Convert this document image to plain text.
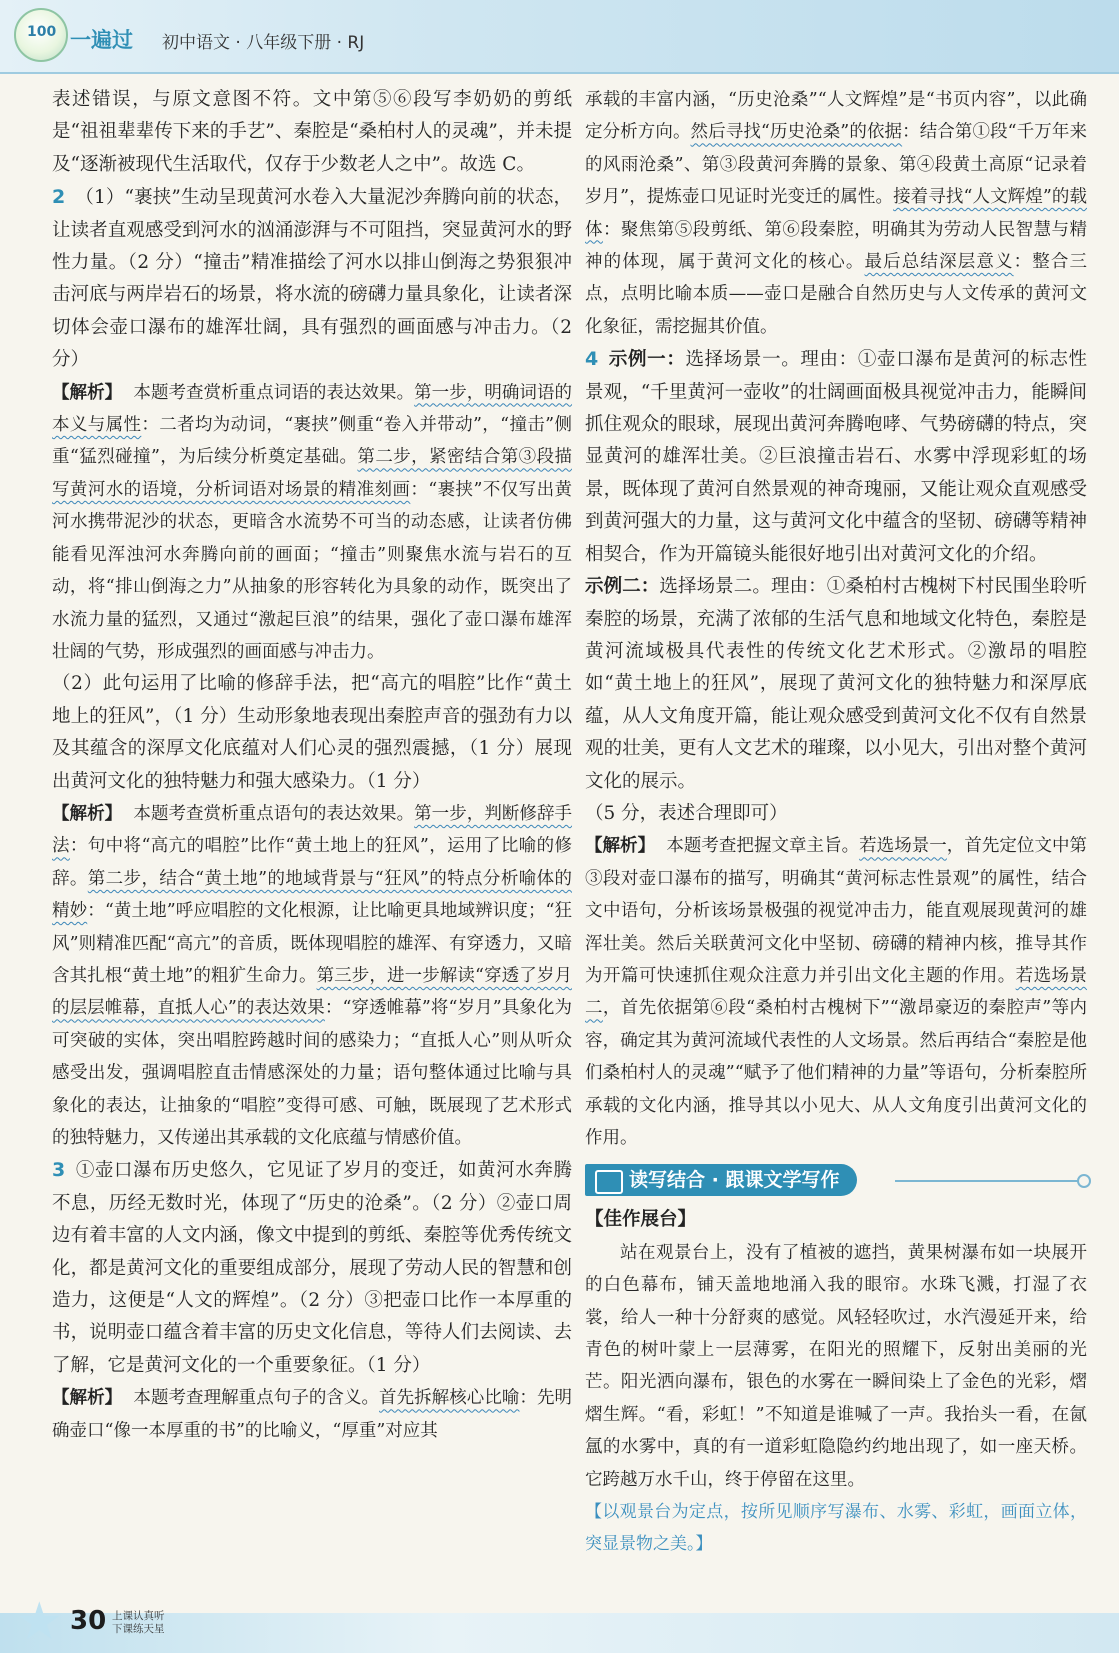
100 一遍过 初中语文 · 八年级下册 · RJ

表述错误，与原文意图不符。文中第⑤⑥段写李奶奶的剪纸是“祖祖辈辈传下来的手艺”、秦腔是“桑柏村人的灵魂”，并未提及“逐渐被现代生活取代，仅存于少数老人之中”。故选 C。

2 （1）“裹挟”生动呈现黄河水卷入大量泥沙奔腾向前的状态，让读者直观感受到河水的汹涌澎湃与不可阻挡，突显黄河水的野性力量。（2 分）“撞击”精准描绘了河水以排山倒海之势狠狠冲击河底与两岸岩石的场景，将水流的磅礴力量具象化，让读者深切体会壶口瀑布的雄浑壮阔，具有强烈的画面感与冲击力。（2 分）

【解析】 本题考查赏析重点词语的表达效果。第一步，明确词语的本义与属性：二者均为动词，“裹挟”侧重“卷入并带动”，“撞击”侧重“猛烈碰撞”，为后续分析奠定基础。第二步，紧密结合第③段描写黄河水的语境，分析词语对场景的精准刻画：“裹挟”不仅写出黄河水携带泥沙的状态，更暗含水流势不可当的动态感，让读者仿佛能看见浑浊河水奔腾向前的画面；“撞击”则聚焦水流与岩石的互动，将“排山倒海之力”从抽象的形容转化为具象的动作，既突出了水流力量的猛烈，又通过“激起巨浪”的结果，强化了壶口瀑布雄浑壮阔的气势，形成强烈的画面感与冲击力。

（2）此句运用了比喻的修辞手法，把“高亢的唱腔”比作“黄土地上的狂风”，（1 分）生动形象地表现出秦腔声音的强劲有力以及其蕴含的深厚文化底蕴对人们心灵的强烈震撼，（1 分）展现出黄河文化的独特魅力和强大感染力。（1 分）

【解析】 本题考查赏析重点语句的表达效果。第一步，判断修辞手法：句中将“高亢的唱腔”比作“黄土地上的狂风”，运用了比喻的修辞。第二步，结合“黄土地”的地域背景与“狂风”的特点分析喻体的精妙：“黄土地”呼应唱腔的文化根源，让比喻更具地域辨识度；“狂风”则精准匹配“高亢”的音质，既体现唱腔的雄浑、有穿透力，又暗含其扎根“黄土地”的粗犷生命力。第三步，进一步解读“穿透了岁月的层层帷幕，直抵人心”的表达效果：“穿透帷幕”将“岁月”具象化为可突破的实体，突出唱腔跨越时间的感染力；“直抵人心”则从听众感受出发，强调唱腔直击情感深处的力量；语句整体通过比喻与具象化的表达，让抽象的“唱腔”变得可感、可触，既展现了艺术形式的独特魅力，又传递出其承载的文化底蕴与情感价值。

3 ①壶口瀑布历史悠久，它见证了岁月的变迁，如黄河水奔腾不息，历经无数时光，体现了“历史的沧桑”。（2 分）②壶口周边有着丰富的人文内涵，像文中提到的剪纸、秦腔等优秀传统文化，都是黄河文化的重要组成部分，展现了劳动人民的智慧和创造力，这便是“人文的辉煌”。（2 分）③把壶口比作一本厚重的书，说明壶口蕴含着丰富的历史文化信息，等待人们去阅读、去了解，它是黄河文化的一个重要象征。（1 分）

【解析】 本题考查理解重点句子的含义。首先拆解核心比喻：先明确壶口“像一本厚重的书”的比喻义，“厚重”对应其

承载的丰富内涵，“历史沧桑”“人文辉煌”是“书页内容”，以此确定分析方向。然后寻找“历史沧桑”的依据：结合第①段“千万年来的风雨沧桑”、第③段黄河奔腾的景象、第④段黄土高原“记录着岁月”，提炼壶口见证时光变迁的属性。接着寻找“人文辉煌”的载体：聚焦第⑤段剪纸、第⑥段秦腔，明确其为劳动人民智慧与精神的体现，属于黄河文化的核心。最后总结深层意义：整合三点，点明比喻本质——壶口是融合自然历史与人文传承的黄河文化象征，需挖掘其价值。

4 示例一：选择场景一。理由：①壶口瀑布是黄河的标志性景观，“千里黄河一壶收”的壮阔画面极具视觉冲击力，能瞬间抓住观众的眼球，展现出黄河奔腾咆哮、气势磅礴的特点，突显黄河的雄浑壮美。②巨浪撞击岩石、水雾中浮现彩虹的场景，既体现了黄河自然景观的神奇瑰丽，又能让观众直观感受到黄河强大的力量，这与黄河文化中蕴含的坚韧、磅礴等精神相契合，作为开篇镜头能很好地引出对黄河文化的介绍。

示例二：选择场景二。理由：①桑柏村古槐树下村民围坐聆听秦腔的场景，充满了浓郁的生活气息和地域文化特色，秦腔是黄河流域极具代表性的传统文化艺术形式。②激昂的唱腔如“黄土地上的狂风”，展现了黄河文化的独特魅力和深厚底蕴，从人文角度开篇，能让观众感受到黄河文化不仅有自然景观的壮美，更有人文艺术的璀璨，以小见大，引出对整个黄河文化的展示。

（5 分，表述合理即可）

【解析】 本题考查把握文章主旨。若选场景一，首先定位文中第③段对壶口瀑布的描写，明确其“黄河标志性景观”的属性，结合文中语句，分析该场景极强的视觉冲击力，能直观展现黄河的雄浑壮美。然后关联黄河文化中坚韧、磅礴的精神内核，推导其作为开篇可快速抓住观众注意力并引出文化主题的作用。若选场景二，首先依据第⑥段“桑柏村古槐树下”“激昂豪迈的秦腔声”等内容，确定其为黄河流域代表性的人文场景。然后再结合“秦腔是他们桑柏村人的灵魂”“赋予了他们精神的力量”等语句，分析秦腔所承载的文化内涵，推导其以小见大、从人文角度引出黄河文化的作用。

读写结合 · 跟课文学写作

【佳作展台】

站在观景台上，没有了植被的遮挡，黄果树瀑布如一块展开的白色幕布，铺天盖地地涌入我的眼帘。水珠飞溅，打湿了衣裳，给人一种十分舒爽的感觉。风轻轻吹过，水汽漫延开来，给青色的树叶蒙上一层薄雾，在阳光的照耀下，反射出美丽的光芒。阳光洒向瀑布，银色的水雾在一瞬间染上了金色的光彩，熠熠生辉。“看，彩虹！”不知道是谁喊了一声。我抬头一看，在氤氲的水雾中，真的有一道彩虹隐隐约约地出现了，如一座天桥。它跨越万水千山，终于停留在这里。

【以观景台为定点，按所见顺序写瀑布、水雾、彩虹，画面立体，突显景物之美。】

★ 30 上课认真听
下课练天星
